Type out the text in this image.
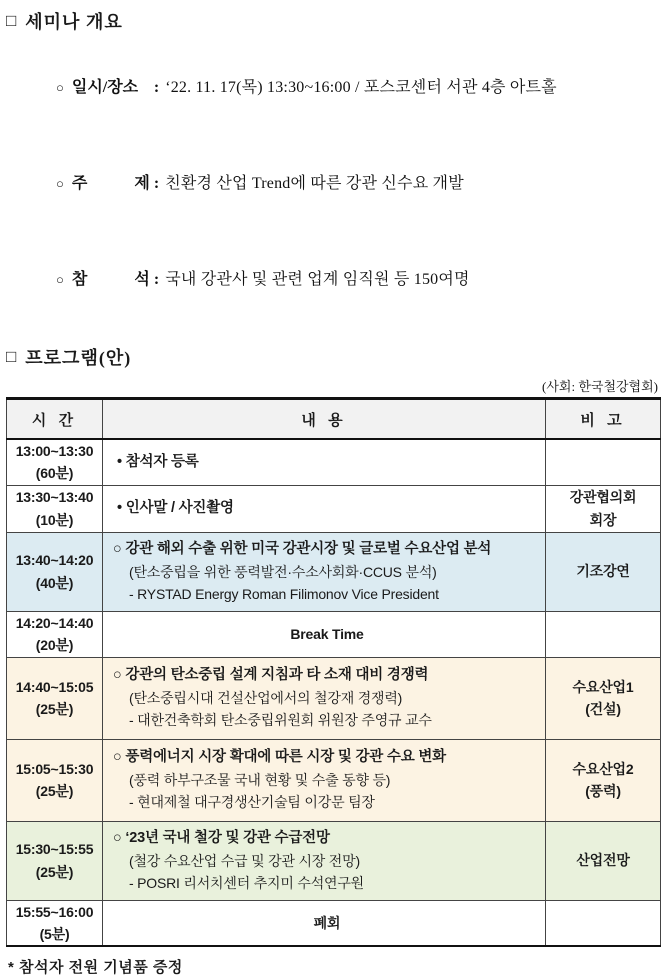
□ 세미나 개요

○ 일시/장소 : ‘22. 11. 17(목) 13:30~16:00 / 포스코센터 서관 4층 아트홀

○ 주 제 : 친환경 산업 Trend에 따른 강관 신수요 개발

○ 참 석 : 국내 강관사 및 관련 업계 임직원 등 150여명

□ 프로그램(안)
(사회: 한국철강협회)
시 간	내 용	비 고

13:00~13:30
(60분)	• 참석자 등록	

13:30~13:40
(10분)	• 인사말 / 사진촬영	강관협의회
회장

13:40~14:20
(40분)	○ 강관 해외 수출 위한 미국 강관시장 및 글로벌 수요산업 분석
(탄소중립을 위한 풍력발전·수소사회화·CCUS 분석)
- RYSTAD Energy Roman Filimonov Vice President	기조강연

14:20~14:40
(20분)	Break Time	

14:40~15:05
(25분)	○ 강관의 탄소중립 설계 지침과 타 소재 대비 경쟁력
(탄소중립시대 건설산업에서의 철강재 경쟁력)
- 대한건축학회 탄소중립위원회 위원장 주영규 교수	수요산업1
(건설)

15:05~15:30
(25분)	○ 풍력에너지 시장 확대에 따른 시장 및 강관 수요 변화
(풍력 하부구조물 국내 현황 및 수출 동향 등)
- 현대제철 대구경생산기술팀 이강문 팀장	수요산업2
(풍력)

15:30~15:55
(25분)	○ ‘23년 국내 철강 및 강관 수급전망
(철강 수요산업 수급 및 강관 시장 전망)
- POSRI 리서치센터 추지미 수석연구원	산업전망

15:55~16:00
(5분)	폐회	

* 참석자 전원 기념품 증정
